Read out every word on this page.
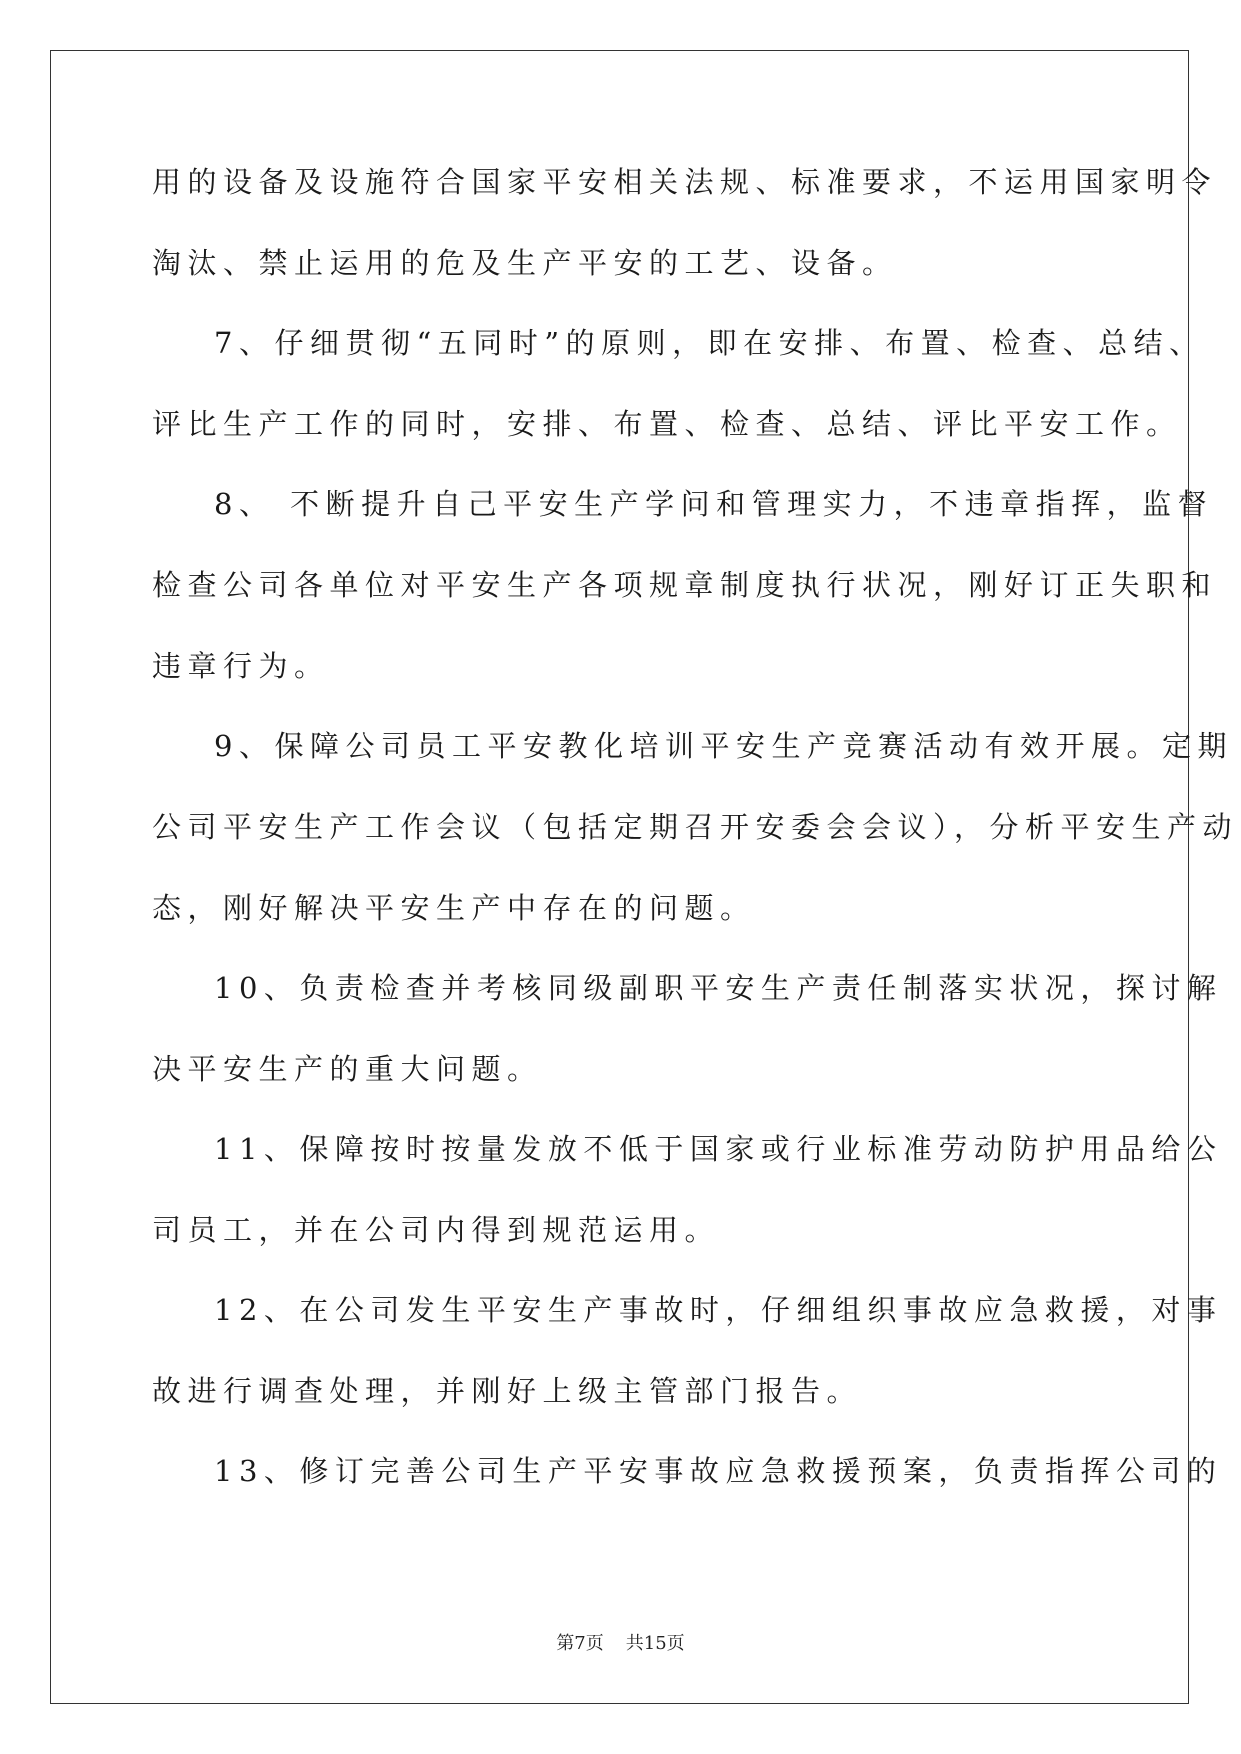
用的设备及设施符合国家平安相关法规、标准要求，不运用国家明令

淘汰、禁止运用的危及生产平安的工艺、设备。

7、仔细贯彻“五同时”的原则，即在安排、布置、检查、总结、

评比生产工作的同时，安排、布置、检查、总结、评比平安工作。

8、 不断提升自己平安生产学问和管理实力，不违章指挥，监督

检查公司各单位对平安生产各项规章制度执行状况，刚好订正失职和

违章行为。

9、保障公司员工平安教化培训平安生产竞赛活动有效开展。定期

公司平安生产工作会议（包括定期召开安委会会议），分析平安生产动

态，刚好解决平安生产中存在的问题。

10、负责检查并考核同级副职平安生产责任制落实状况，探讨解

决平安生产的重大问题。

11、保障按时按量发放不低于国家或行业标准劳动防护用品给公

司员工，并在公司内得到规范运用。

12、在公司发生平安生产事故时，仔细组织事故应急救援，对事

故进行调查处理，并刚好上级主管部门报告。

13、修订完善公司生产平安事故应急救援预案，负责指挥公司的

第7页 共15页
